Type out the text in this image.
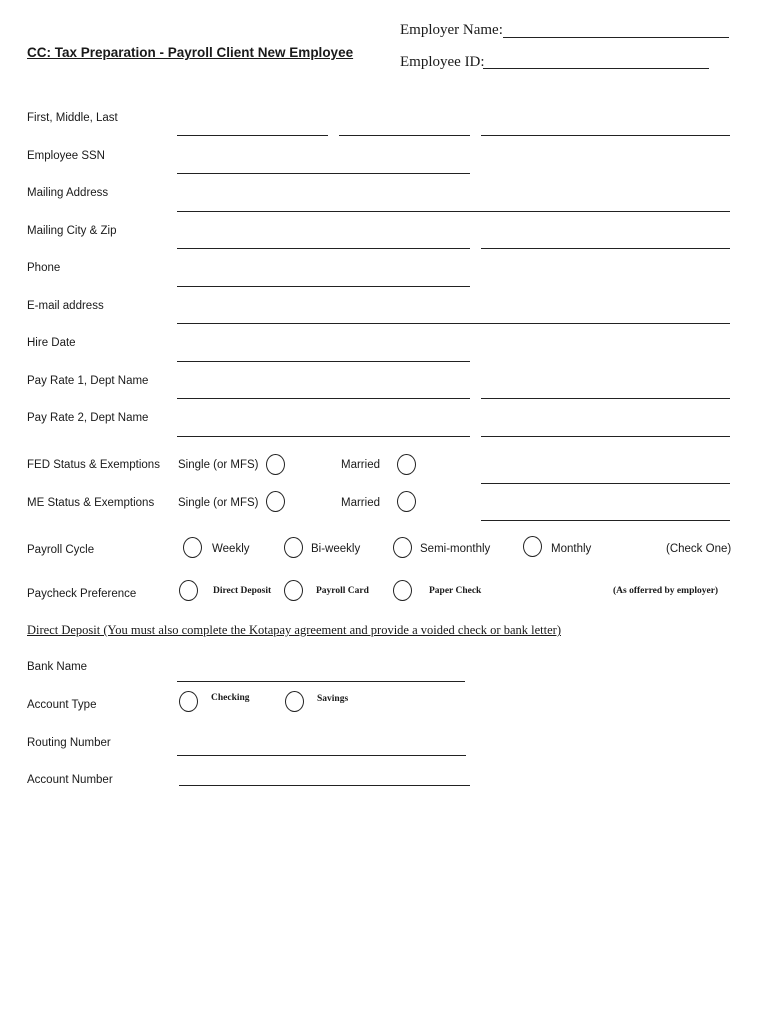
Employer Name:
CC: Tax Preparation - Payroll Client New Employee
Employee ID:
First, Middle, Last
Employee SSN
Mailing Address
Mailing City & Zip
Phone
E-mail address
Hire Date
Pay Rate 1, Dept Name
Pay Rate 2, Dept Name
FED Status & Exemptions Single (or MFS)	Married
ME Status & Exemptions Single (or MFS)	Married
Payroll Cycle	Weekly	Bi-weekly	Semi-monthly	Monthly	(Check One)
Paycheck Preference	Direct Deposit	Payroll Card	Paper Check	(As offerred by employer)
Direct Deposit (You must also complete the Kotapay agreement and provide a voided check or bank letter)
Bank Name
Account Type
Checking	Savings
Routing Number
Account Number
